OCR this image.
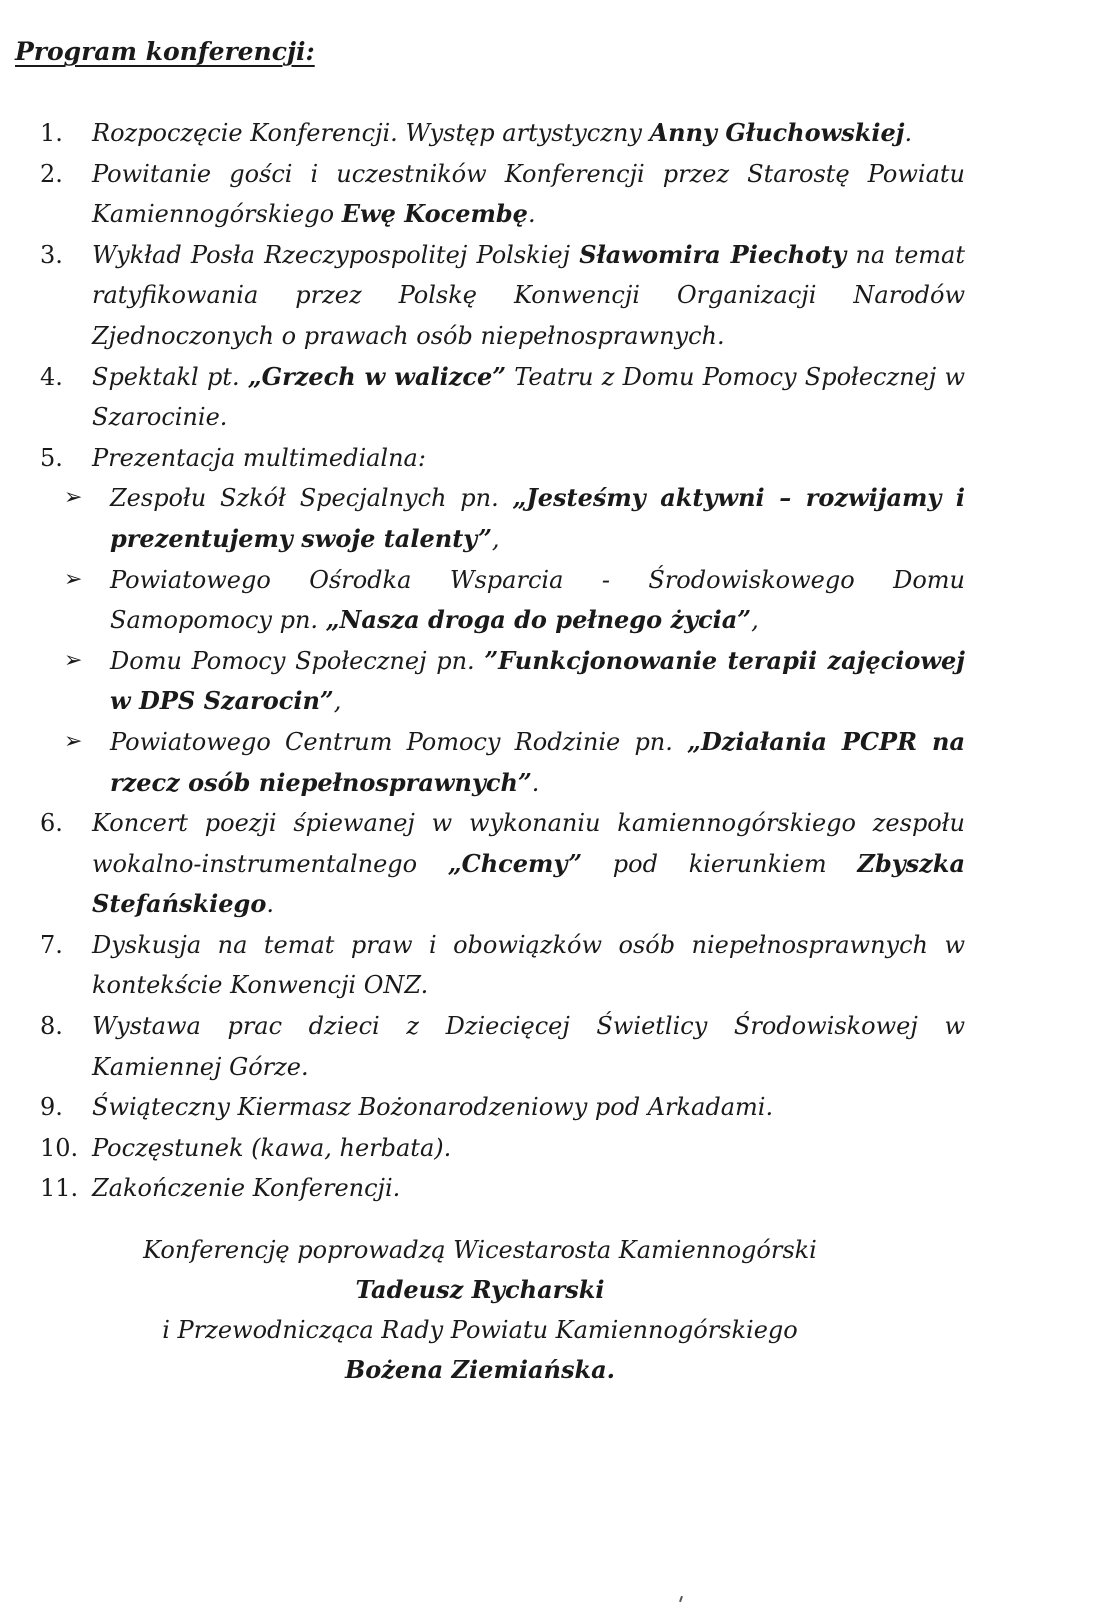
Program konferencji:
1.	Rozpoczęcie Konferencji. Występ artystyczny Anny Głuchowskiej.
2.	Powitanie gości i uczestników Konferencji przez Starostę Powiatu Kamiennogórskiego Ewę Kocembę.
3.	Wykład Posła Rzeczypospolitej Polskiej Sławomira Piechoty na temat ratyfikowania przez Polskę Konwencji Organizacji Narodów Zjednoczonych o prawach osób niepełnosprawnych.
4.	Spektakl pt. „Grzech w walizce” Teatru z Domu Pomocy Społecznej w Szarocinie.
5.	Prezentacja multimedialna:
➢	Zespołu Szkół Specjalnych pn. „Jesteśmy aktywni – rozwijamy i prezentujemy swoje talenty”,
➢	Powiatowego Ośrodka Wsparcia - Środowiskowego Domu Samopomocy pn. „Nasza droga do pełnego życia”,
➢	Domu Pomocy Społecznej pn. ”Funkcjonowanie terapii zajęciowej w DPS Szarocin”,
➢	Powiatowego Centrum Pomocy Rodzinie pn. „Działania PCPR na rzecz osób niepełnosprawnych”.
6.	Koncert poezji śpiewanej w wykonaniu kamiennogórskiego zespołu wokalno-instrumentalnego „Chcemy” pod kierunkiem Zbyszka Stefańskiego.
7.	Dyskusja na temat praw i obowiązków osób niepełnosprawnych w kontekście Konwencji ONZ.
8.	Wystawa prac dzieci z Dziecięcej Świetlicy Środowiskowej w Kamiennej Górze.
9.	Świąteczny Kiermasz Bożonarodzeniowy pod Arkadami.
10. Poczęstunek (kawa, herbata).
11. Zakończenie Konferencji.

Konferencję poprowadzą Wicestarosta Kamiennogórski

Tadeusz Rycharski

i Przewodnicząca Rady Powiatu Kamiennogórskiego

Bożena Ziemiańska.
